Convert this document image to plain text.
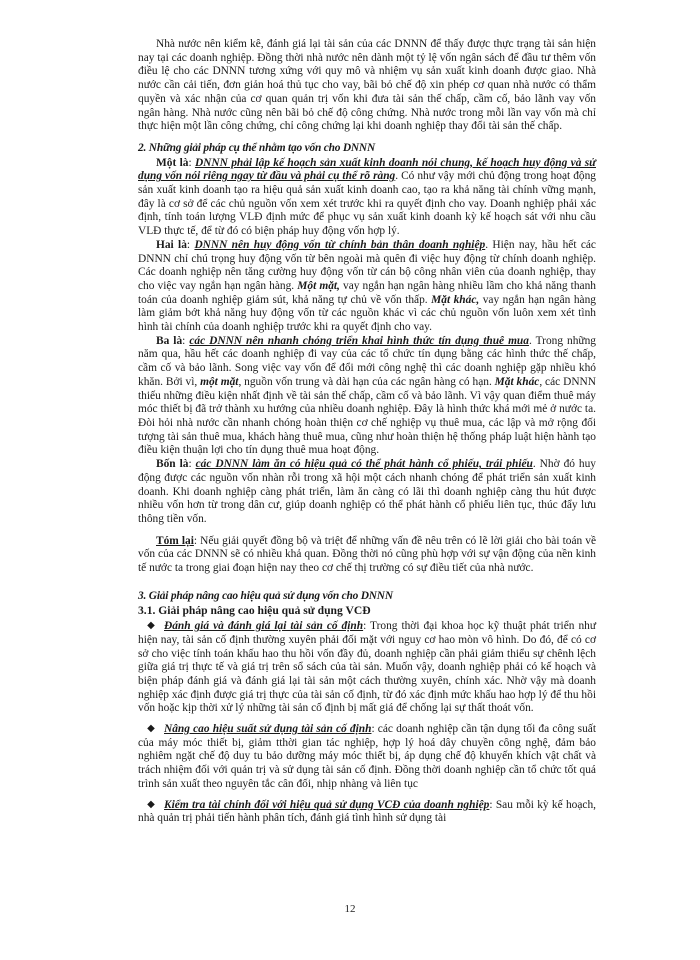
Nhà nước nên kiểm kê, đánh giá lại tài sản của các DNNN để thấy được thực trạng tài sản hiện nay tại các doanh nghiệp. Đồng thời nhà nước nên dành một tỷ lệ vốn ngân sách để đầu tư thêm vốn điều lệ cho các DNNN tương xứng với quy mô và nhiệm vụ sản xuất kinh doanh được giao. Nhà nước cần cải tiến, đơn giản hoá thủ tục cho vay, bãi bỏ chế độ xin phép cơ quan nhà nước có thẩm quyền và xác nhận của cơ quan quản trị vốn khi đưa tài sản thế chấp, cầm cố, bảo lãnh vay vốn ngân hàng. Nhà nước cũng nên bãi bỏ chế độ công chứng. Nhà nước trong mỗi lần vay vốn mà chỉ thực hiện một lần công chứng, chỉ công chứng lại khi doanh nghiệp thay đổi tài sản thế chấp.

2. Những giải pháp cụ thể nhằm tạo vốn cho DNNN

Một là: DNNN phải lập kế hoạch sản xuất kinh doanh nói chung, kế hoạch huy động và sử dụng vốn nói riêng ngay từ đầu và phải cụ thể rõ ràng. Có như vậy mới chủ động trong hoạt động sản xuất kinh doanh tạo ra hiệu quả sản xuất kinh doanh cao, tạo ra khả năng tài chính vững mạnh, đây là cơ sở để các chủ nguồn vốn xem xét trước khi ra quyết định cho vay. Doanh nghiệp phải xác định, tính toán lượng VLĐ định mức để phục vụ sản xuất kinh doanh kỳ kế hoạch sát với nhu cầu VLĐ thực tế, để từ đó có biện pháp huy động vốn hợp lý.

Hai là: DNNN nên huy động vốn từ chính bản thân doanh nghiệp. Hiện nay, hầu hết các DNNN chỉ chú trọng huy động vốn từ bên ngoài mà quên đi việc huy động từ chính doanh nghiệp. Các doanh nghiệp nên tăng cường huy động vốn từ cán bộ công nhân viên của doanh nghiệp, thay cho việc vay ngắn hạn ngân hàng. Một mặt, vay ngắn hạn ngân hàng nhiều lầm cho khả năng thanh toán của doanh nghiệp giảm sút, khả năng tự chủ về vốn thấp. Mặt khác, vay ngắn hạn ngân hàng làm giảm bớt khả năng huy động vốn từ các nguồn khác vì các chủ nguồn vốn luôn xem xét tình hình tài chính của doanh nghiệp trước khi ra quyết định cho vay.

Ba là: các DNNN nên nhanh chóng triển khai hình thức tín dụng thuê mua. Trong những năm qua, hầu hết các doanh nghiệp đi vay của các tổ chức tín dụng bằng các hình thức thế chấp, cầm cố và bảo lãnh. Song việc vay vốn để đổi mới công nghệ thì các doanh nghiệp gặp nhiều khó khăn. Bởi vì, một mặt, nguồn vốn trung và dài hạn của các ngân hàng có hạn. Mặt khác, các DNNN thiếu những điều kiện nhất định về tài sản thế chấp, cầm cố và bảo lãnh. Vì vậy quan điểm thuê máy móc thiết bị đã trở thành xu hướng của nhiều doanh nghiệp. Đây là hình thức khá mới mẻ ở nước ta. Đòi hỏi nhà nước cần nhanh chóng hoàn thiện cơ chế nghiệp vụ thuê mua, các lập và mở rộng đối tượng tài sản thuê mua, khách hàng thuê mua, cũng như hoàn thiện hệ thống pháp luật hiện hành tạo điều kiện thuận lợi cho tín dụng thuê mua hoạt động.

Bốn là: các DNNN làm ăn có hiệu quả có thể phát hành cổ phiếu, trái phiếu. Nhờ đó huy động được các nguồn vốn nhàn rỗi trong xã hội một cách nhanh chóng để phát triển sản xuất kinh doanh. Khi doanh nghiệp càng phát triển, làm ăn càng có lãi thì doanh nghiệp càng thu hút được nhiều vốn hơn từ trong dân cư, giúp doanh nghiệp có thể phát hành cổ phiếu liên tục, thúc đẩy lưu thông tiền vốn.

Tóm lại: Nếu giải quyết đồng bộ và triệt để những vấn đề nêu trên có lẽ lời giải cho bài toán về vốn của các DNNN sẽ có nhiều khả quan. Đồng thời nó cũng phù hợp với sự vận động của nền kinh tế nước ta trong giai đoạn hiện nay theo cơ chế thị trường có sự điều tiết của nhà nước.

3. Giải pháp nâng cao hiệu quả sử dụng vốn cho DNNN

3.1. Giải pháp nâng cao hiệu quả sử dụng VCĐ

◆ Đánh giá và đánh giá lại tài sản cố định: Trong thời đại khoa học kỹ thuật phát triển như hiện nay, tài sản cố định thường xuyên phải đối mặt với nguy cơ hao mòn vô hình. Do đó, để có cơ sở cho việc tính toán khấu hao thu hồi vốn đầy đủ, doanh nghiệp cần phải giảm thiểu sự chênh lệch giữa giá trị thực tế và giá trị trên sổ sách của tài sản. Muốn vậy, doanh nghiệp phải có kế hoạch và biện pháp đánh giá và đánh giá lại tài sản một cách thường xuyên, chính xác. Nhờ vậy mà doanh nghiệp xác định được giá trị thực của tài sản cố định, từ đó xác định mức khấu hao hợp lý để thu hồi vốn hoặc kịp thời xử lý những tài sản cố định bị mất giá để chống lại sự thất thoát vốn.

◆ Nâng cao hiệu suất sử dụng tài sản cố định: các doanh nghiệp cần tận dụng tối đa công suất của máy móc thiết bị, giảm tthời gian tác nghiệp, hợp lý hoá dây chuyền công nghệ, đảm bảo nghiêm ngặt chế độ duy tu bảo dưỡng máy móc thiết bị, áp dụng chế độ khuyến khích vật chất và trách nhiệm đối với quản trị và sử dụng tài sản cố định. Đồng thời doanh nghiệp cần tổ chức tốt quá trình sản xuất theo nguyên tắc cân đối, nhịp nhàng và liên tục

◆ Kiểm tra tài chính đối với hiệu quả sử dụng VCĐ của doanh nghiệp: Sau mỗi kỳ kế hoạch, nhà quản trị phải tiến hành phân tích, đánh giá tình hình sử dụng tài

12
